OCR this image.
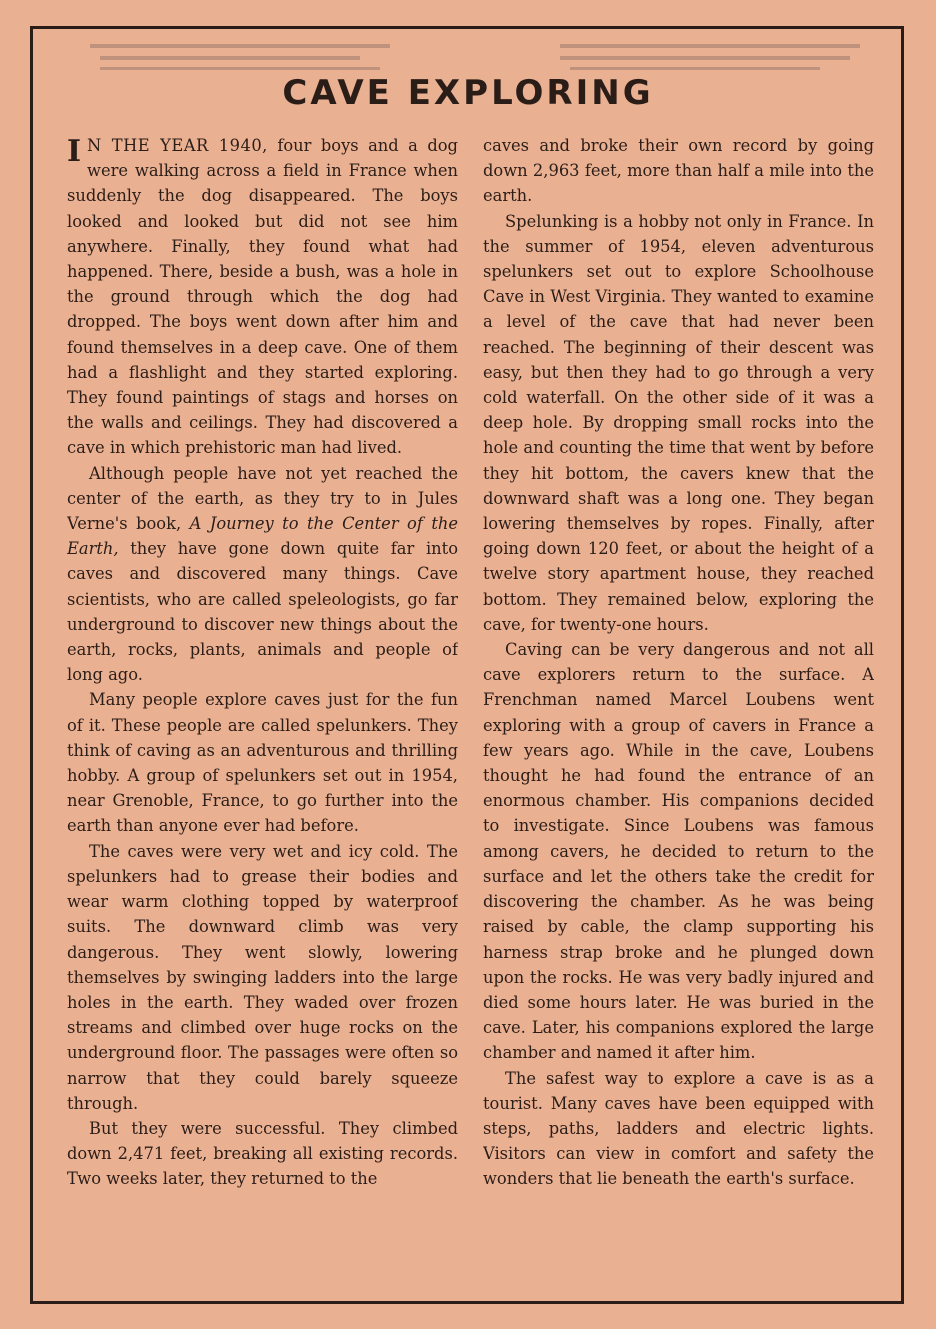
CAVE EXPLORING

I N THE YEAR 1940, four boys and a dog were walking across a field in France when suddenly the dog disappeared. The boys looked and looked but did not see him anywhere. Finally, they found what had happened. There, beside a bush, was a hole in the ground through which the dog had dropped. The boys went down after him and found themselves in a deep cave. One of them had a flashlight and they started exploring. They found paintings of stags and horses on the walls and ceilings. They had discovered a cave in which prehistoric man had lived.

Although people have not yet reached the center of the earth, as they try to in Jules Verne's book, A Journey to the Center of the Earth, they have gone down quite far into caves and discovered many things. Cave scientists, who are called speleologists, go far underground to discover new things about the earth, rocks, plants, animals and people of long ago.

Many people explore caves just for the fun of it. These people are called spelunkers. They think of caving as an adventurous and thrilling hobby. A group of spelunkers set out in 1954, near Grenoble, France, to go further into the earth than anyone ever had before.

The caves were very wet and icy cold. The spelunkers had to grease their bodies and wear warm clothing topped by waterproof suits. The downward climb was very dangerous. They went slowly, lowering themselves by swinging ladders into the large holes in the earth. They waded over frozen streams and climbed over huge rocks on the underground floor. The passages were often so narrow that they could barely squeeze through.

But they were successful. They climbed down 2,471 feet, breaking all existing records. Two weeks later, they returned to the

caves and broke their own record by going down 2,963 feet, more than half a mile into the earth.

Spelunking is a hobby not only in France. In the summer of 1954, eleven adventurous spelunkers set out to explore Schoolhouse Cave in West Virginia. They wanted to examine a level of the cave that had never been reached. The beginning of their descent was easy, but then they had to go through a very cold waterfall. On the other side of it was a deep hole. By dropping small rocks into the hole and counting the time that went by before they hit bottom, the cavers knew that the downward shaft was a long one. They began lowering themselves by ropes. Finally, after going down 120 feet, or about the height of a twelve story apartment house, they reached bottom. They remained below, exploring the cave, for twenty-one hours.

Caving can be very dangerous and not all cave explorers return to the surface. A Frenchman named Marcel Loubens went exploring with a group of cavers in France a few years ago. While in the cave, Loubens thought he had found the entrance of an enormous chamber. His companions decided to investigate. Since Loubens was famous among cavers, he decided to return to the surface and let the others take the credit for discovering the chamber. As he was being raised by cable, the clamp supporting his harness strap broke and he plunged down upon the rocks. He was very badly injured and died some hours later. He was buried in the cave. Later, his companions explored the large chamber and named it after him.

The safest way to explore a cave is as a tourist. Many caves have been equipped with steps, paths, ladders and electric lights. Visitors can view in comfort and safety the wonders that lie beneath the earth's surface.
